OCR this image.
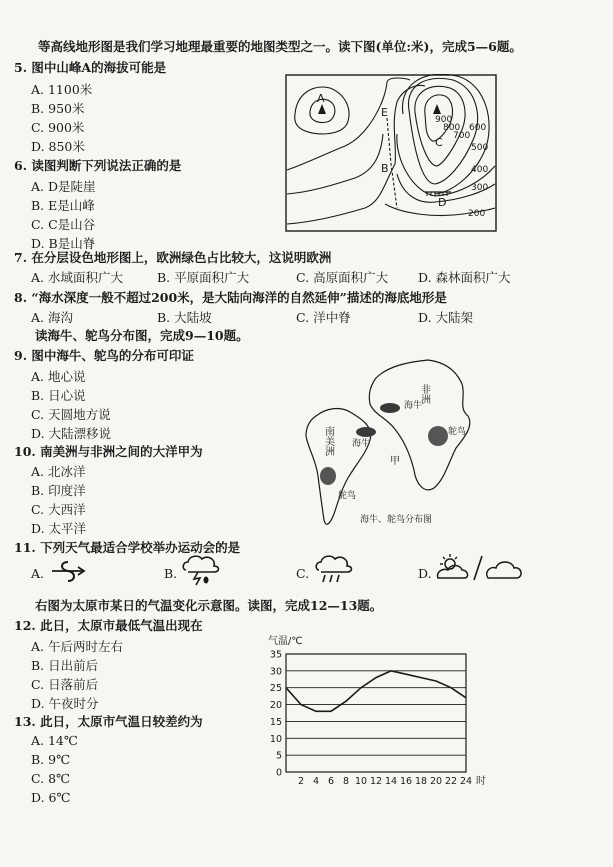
等高线地形图是我们学习地理最重要的地图类型之一。读下图(单位:米)，完成5—6题。
5. 图中山峰A的海拔可能是
A. 1100米
B. 950米
C. 900米
D. 850米
6. 读图判断下列说法正确的是
A. D是陡崖
B. E是山峰
C. C是山谷
D. B是山脊
A
E
B
C
D
900
800
700
600
500
400
300
200
7. 在分层设色地形图上，欧洲绿色占比较大，这说明欧洲
A. 水域面积广大	B. 平原面积广大	C. 高原面积广大 D. 森林面积广大
8. “海水深度一般不超过200米，是大陆向海洋的自然延伸”描述的海底地形是
A. 海沟	B. 大陆坡	C. 洋中脊	D. 大陆架
读海牛、鸵鸟分布图，完成9—10题。
9. 图中海牛、鸵鸟的分布可印证
A. 地心说
B. 日心说
C. 天圆地方说
D. 大陆漂移说
10. 南美洲与非洲之间的大洋甲为
A. 北冰洋
B. 印度洋
C. 大西洋
D. 太平洋
非洲
南美洲
甲
海牛
海牛
鸵鸟
鸵鸟
海牛、鸵鸟分布图
11. 下列天气最适合学校举办运动会的是
A.	B.	C.	D.
右图为太原市某日的气温变化示意图。读图，完成12—13题。
12. 此日，太原市最低气温出现在
A. 午后两时左右
B. 日出前后
C. 日落前后
D. 午夜时分
13. 此日，太原市气温日较差约为
A. 14℃
B. 9℃
C. 8℃
D. 6℃
气温/℃
0
5
10
15
20
25
30
35
2 4 6 8 10 12 14 16 18 20 22 24 时
